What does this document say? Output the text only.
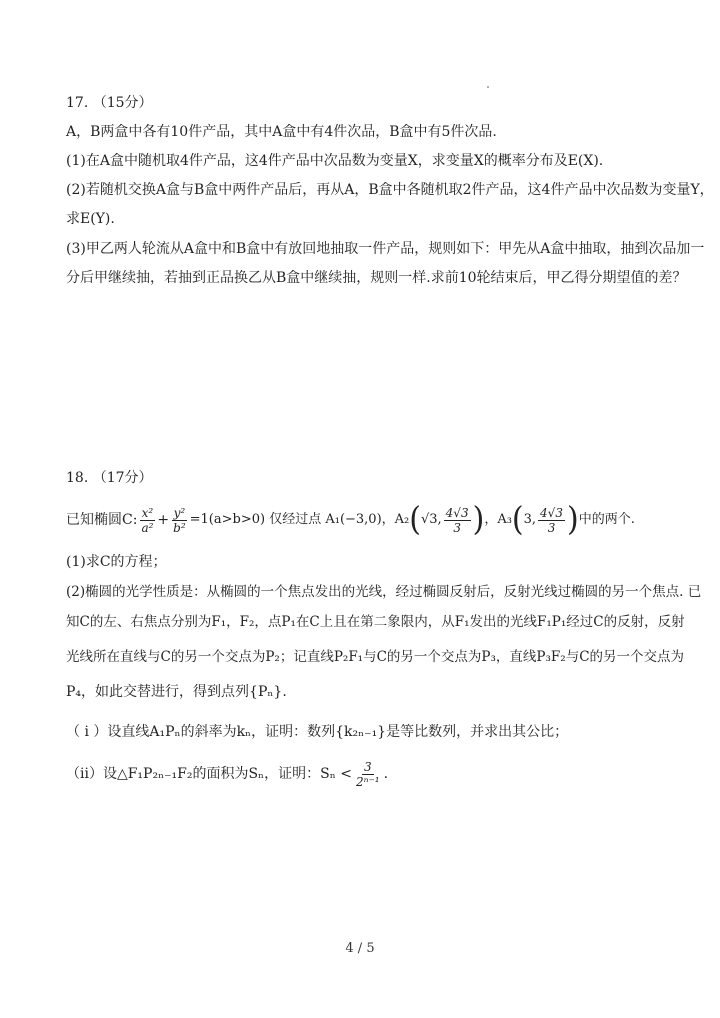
17. （15分）
A，B两盒中各有10件产品，其中A盒中有4件次品，B盒中有5件次品.
(1)在A盒中随机取4件产品，这4件产品中次品数为变量X，求变量X的概率分布及E(X).
(2)若随机交换A盒与B盒中两件产品后，再从A，B盒中各随机取2件产品，这4件产品中次品数为变量Y，
求E(Y).
(3)甲乙两人轮流从A盒中和B盒中有放回地抽取一件产品，规则如下：甲先从A盒中抽取，抽到次品加一
分后甲继续抽，若抽到正品换乙从B盒中继续抽，规则一样.求前10轮结束后，甲乙得分期望值的差？
18. （17分）
已知椭圆C: $\frac{\text{x²}}{\text{a²}} + \frac{\text{y²}}{\text{b²}} =1(a>b>0)$ 仅经过点 A₁(−3,0)，A₂ ( √3, $\frac{4√3}{3}$ ) ，A₃ ( 3, $\frac{4√3}{3}$ ) 中的两个.
(1)求C的方程；
(2)椭圆的光学性质是：从椭圆的一个焦点发出的光线，经过椭圆反射后，反射光线过椭圆的另一个焦点. 已
知C的左、右焦点分别为F₁，F₂，点P₁在C上且在第二象限内，从F₁发出的光线F₁P₁经过C的反射，反射
光线所在直线与C的另一个交点为P₂；记直线P₂F₁与C的另一个交点为P₃，直线P₃F₂与C的另一个交点为
P₄，如此交替进行，得到点列{Pₙ}.
（ i ）设直线A₁Pₙ的斜率为kₙ，证明：数列{k₂ₙ₋₁}是等比数列，并求出其公比；
（ii）设△F₁P₂ₙ₋₁F₂的面积为Sₙ，证明：$S_n < \frac{3}{\text{2ⁿ⁻¹}}$ .
4 / 5
